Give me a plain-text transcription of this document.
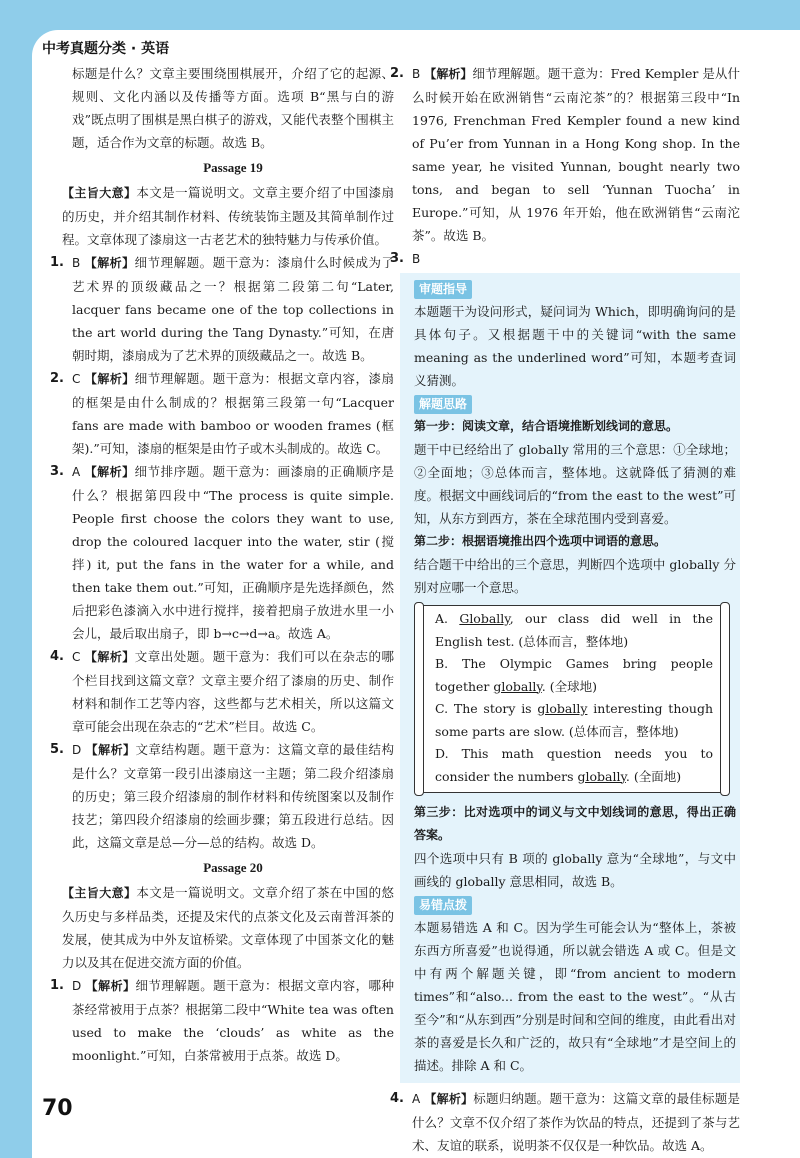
中考真题分类 · 英语

标题是什么？文章主要围绕围棋展开，介绍了它的起源、规则、文化内涵以及传播等方面。选项 B“黑与白的游戏”既点明了围棋是黑白棋子的游戏，又能代表整个围棋主题，适合作为文章的标题。故选 B。

Passage 19

【主旨大意】本文是一篇说明文。文章主要介绍了中国漆扇的历史，并介绍其制作材料、传统装饰主题及其简单制作过程。文章体现了漆扇这一古老艺术的独特魅力与传承价值。

1. B 【解析】细节理解题。题干意为：漆扇什么时候成为了艺术界的顶级藏品之一？根据第二段第二句“Later, lacquer fans became one of the top collections in the art world during the Tang Dynasty.”可知，在唐朝时期，漆扇成为了艺术界的顶级藏品之一。故选 B。
2. C 【解析】细节理解题。题干意为：根据文章内容，漆扇的框架是由什么制成的？根据第三段第一句“Lacquer fans are made with bamboo or wooden frames (框架).”可知，漆扇的框架是由竹子或木头制成的。故选 C。
3. A 【解析】细节排序题。题干意为：画漆扇的正确顺序是什么？根据第四段中“The process is quite simple. People first choose the colors they want to use, drop the coloured lacquer into the water, stir (搅拌) it, put the fans in the water for a while, and then take them out.”可知，正确顺序是先选择颜色，然后把彩色漆滴入水中进行搅拌，接着把扇子放进水里一小会儿，最后取出扇子，即 b→c→d→a。故选 A。
4. C 【解析】文章出处题。题干意为：我们可以在杂志的哪个栏目找到这篇文章？文章主要介绍了漆扇的历史、制作材料和制作工艺等内容，这些都与艺术相关，所以这篇文章可能会出现在杂志的“艺术”栏目。故选 C。
5. D 【解析】文章结构题。题干意为：这篇文章的最佳结构是什么？文章第一段引出漆扇这一主题；第二段介绍漆扇的历史；第三段介绍漆扇的制作材料和传统图案以及制作技艺；第四段介绍漆扇的绘画步骤；第五段进行总结。因此，这篇文章是总—分—总的结构。故选 D。
Passage 20

【主旨大意】本文是一篇说明文。文章介绍了茶在中国的悠久历史与多样品类，还提及宋代的点茶文化及云南普洱茶的发展，使其成为中外友谊桥梁。文章体现了中国茶文化的魅力以及其在促进交流方面的价值。

1. D 【解析】细节理解题。题干意为：根据文章内容，哪种茶经常被用于点茶？根据第二段中“White tea was often used to make the ‘clouds’ as white as the moonlight.”可知，白茶常被用于点茶。故选 D。
2. B 【解析】细节理解题。题干意为：Fred Kempler 是从什么时候开始在欧洲销售“云南沱茶”的？根据第三段中“In 1976, Frenchman Fred Kempler found a new kind of Pu’er from Yunnan in a Hong Kong shop. In the same year, he visited Yunnan, bought nearly two tons, and began to sell ‘Yunnan Tuocha’ in Europe.”可知，从 1976 年开始，他在欧洲销售“云南沱茶”。故选 B。
3. B
审题指导

本题题干为设问形式，疑问词为 Which，即明确询问的是具体句子。又根据题干中的关键词“with the same meaning as the underlined word”可知，本题考查词义猜测。

解题思路

第一步：阅读文章，结合语境推断划线词的意思。

题干中已经给出了 globally 常用的三个意思：①全球地；②全面地；③总体而言，整体地。这就降低了猜测的难度。根据文中画线词后的“from the east to the west”可知，从东方到西方，茶在全球范围内受到喜爱。

第二步：根据语境推出四个选项中词语的意思。

结合题干中给出的三个意思，判断四个选项中 globally 分别对应哪一个意思。

A. Globally, our class did well in the English test. (总体而言，整体地)

B. The Olympic Games bring people together globally. (全球地)

C. The story is globally interesting though some parts are slow. (总体而言，整体地)

D. This math question needs you to consider the numbers globally. (全面地)

第三步：比对选项中的词义与文中划线词的意思，得出正确答案。

四个选项中只有 B 项的 globally 意为“全球地”，与文中画线的 globally 意思相同，故选 B。

易错点拨

本题易错选 A 和 C。因为学生可能会认为“整体上，茶被东西方所喜爱”也说得通，所以就会错选 A 或 C。但是文中有两个解题关键，即“from ancient to modern times”和“also... from the east to the west”。“从古至今”和“从东到西”分别是时间和空间的维度，由此看出对茶的喜爱是长久和广泛的，故只有“全球地”才是空间上的描述。排除 A 和 C。

4. A 【解析】标题归纳题。题干意为：这篇文章的最佳标题是什么？文章不仅介绍了茶作为饮品的特点，还提到了茶与艺术、友谊的联系，说明茶不仅仅是一种饮品。故选 A。
70
